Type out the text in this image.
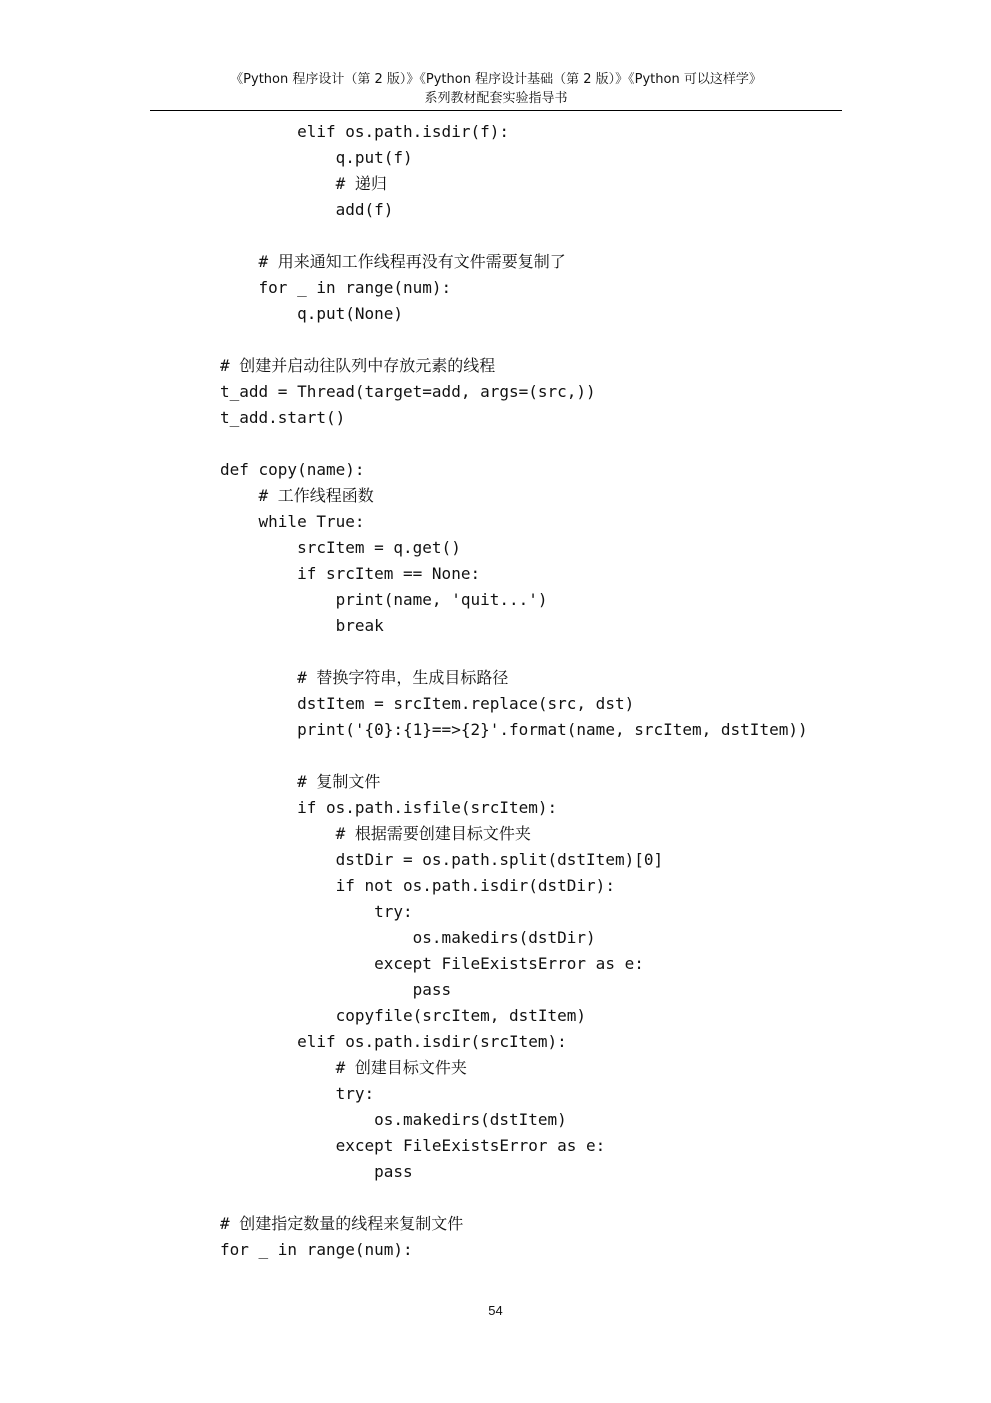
《Python 程序设计（第 2 版）》《Python 程序设计基础（第 2 版）》《Python 可以这样学》
系列教材配套实验指导书
elif os.path.isdir(f):
q.put(f)
# 递归
add(f)
# 用来通知工作线程再没有文件需要复制了
for _ in range(num):
q.put(None)
# 创建并启动往队列中存放元素的线程
t_add = Thread(target=add, args=(src,))
t_add.start()
def copy(name):
# 工作线程函数
while True:
srcItem = q.get()
if srcItem == None:
print(name, 'quit...')
break
# 替换字符串，生成目标路径
dstItem = srcItem.replace(src, dst)
print('{0}:{1}==>{2}'.format(name, srcItem, dstItem))
# 复制文件
if os.path.isfile(srcItem):
# 根据需要创建目标文件夹
dstDir = os.path.split(dstItem)[0]
if not os.path.isdir(dstDir):
try:
os.makedirs(dstDir)
except FileExistsError as e:
pass
copyfile(srcItem, dstItem)
elif os.path.isdir(srcItem):
# 创建目标文件夹
try:
os.makedirs(dstItem)
except FileExistsError as e:
pass
# 创建指定数量的线程来复制文件
for _ in range(num):
54
